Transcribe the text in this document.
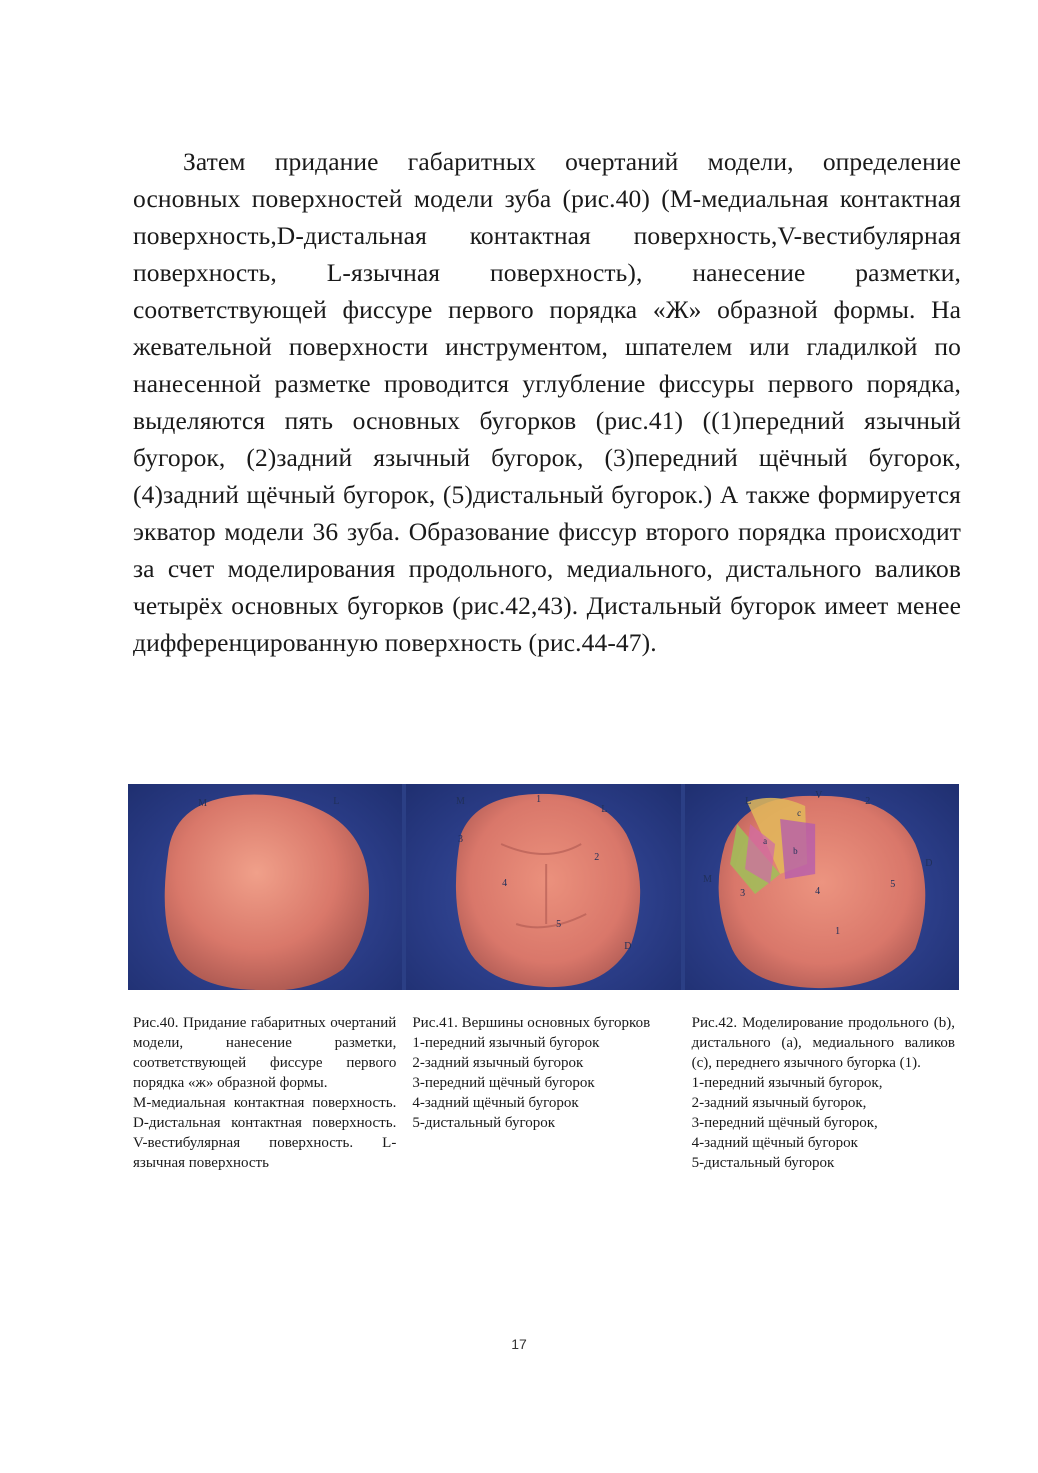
Затем придание габаритных очертаний модели, определение основных поверхностей модели зуба (рис.40) (М-медиальная контактная поверхность,D-дистальная контактная поверхность,V-вестибулярная поверхность, L-язычная поверхность), нанесение разметки, соответствующей фиссуре первого порядка «Ж» образной формы. На жевательной поверхности инструментом, шпателем или гладилкой по нанесенной разметке проводится углубление фиссуры первого порядка, выделяются пять основных бугорков (рис.41) ((1)передний язычный бугорок, (2)задний язычный бугорок, (3)передний щёчный бугорок, (4)задний щёчный бугорок, (5)дистальный бугорок.) А также формируется экватор модели 36 зуба. Образование фиссур второго порядка происходит за счет моделирования продольного, медиального, дистального валиков четырёх основных бугорков (рис.42,43). Дистальный бугорок имеет менее дифференцированную поверхность (рис.44-47).

M	L	M	1
L
3
4
2
5
D
L
V
2
M
3	4
5
D
1
a
b
c
Рис.40. Придание габаритных очертаний модели, нанесение разметки, соответствующей фиссуре первого порядка «ж» образной формы.
М-медиальная контактная поверхность. D-дистальная контактная поверхность. V-вестибулярная поверхность. L-язычная поверхность
Рис.41. Вершины основных бугорков
1-передний язычный бугорок
2-задний язычный бугорок
3-передний щёчный бугорок
4-задний щёчный бугорок
5-дистальный бугорок
Рис.42. Моделирование продольного (b), дистального (а), медиального валиков (с), переднего язычного бугорка (1).
1-передний язычный бугорок,
2-задний язычный бугорок,
3-передний щёчный бугорок,
4-задний щёчный бугорок
5-дистальный бугорок
17
